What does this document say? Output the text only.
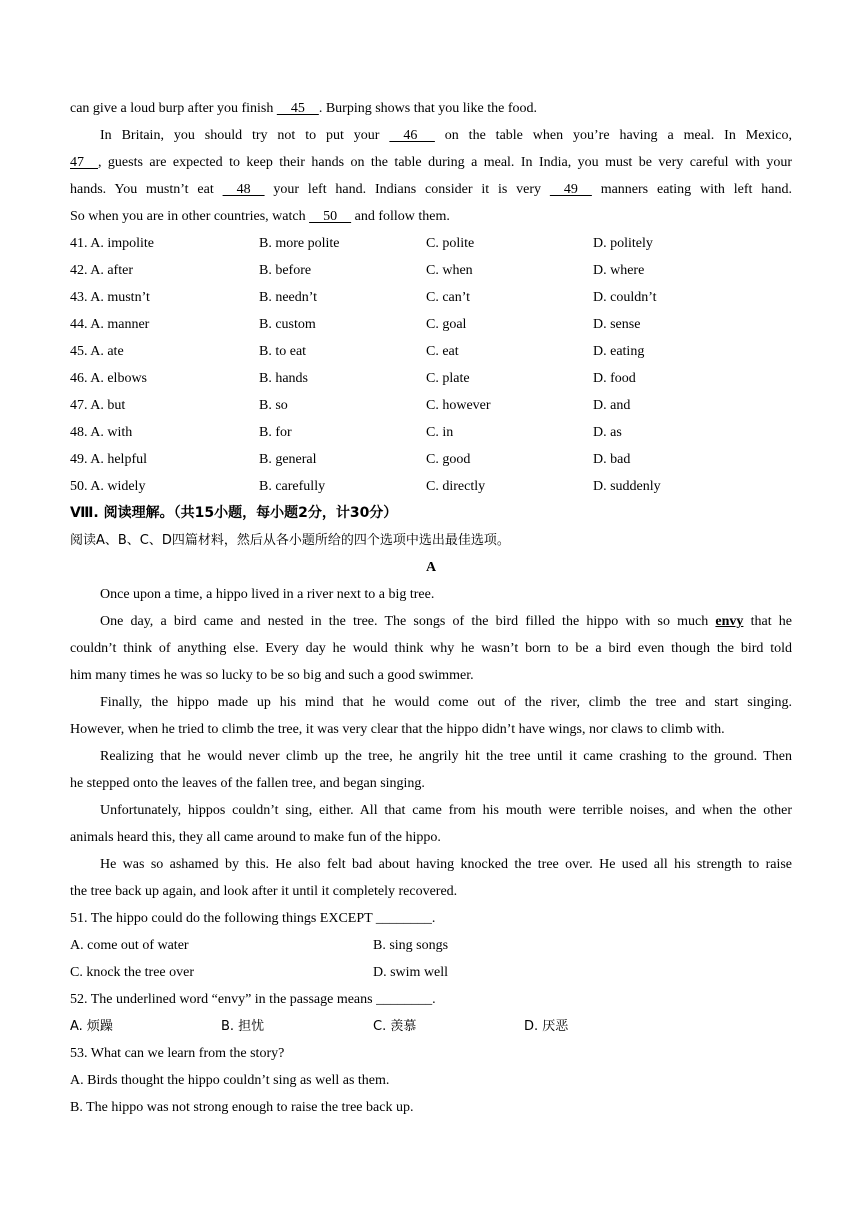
can give a loud burp after you finish     45    . Burping shows that you like the food.
In Britain, you should try not to put your     46      on the table when you’re having a meal. In Mexico,
47    , guests are expected to keep their hands on the table during a meal. In India, you must be very careful with your
hands. You mustn’t eat     48     your left hand. Indians consider it is very     49     manners eating with left hand.
So when you are in other countries, watch     50     and follow them.
41. A. impolite	B. more polite	C. polite	D. politely
42. A. after	B. before	C. when	D. where
43. A. mustn’t	B. needn’t	C. can’t	D. couldn’t
44. A. manner	B. custom	C. goal	D. sense
45. A. ate	B. to eat	C. eat	D. eating
46. A. elbows	B. hands	C. plate	D. food
47. A. but	B. so	C. however	D. and
48. A. with	B. for	C. in	D. as
49. A. helpful	B. general	C. good	D. bad
50. A. widely	B. carefully	C. directly	D. suddenly
Ⅷ. 阅读理解。（共15小题，每小题2分，计30分）
阅读A、B、C、D四篇材料，然后从各小题所给的四个选项中选出最佳选项。
A
Once upon a time, a hippo lived in a river next to a big tree.
One day, a bird came and nested in the tree. The songs of the bird filled the hippo with so much envy that he
couldn’t think of anything else. Every day he would think why he wasn’t born to be a bird even though the bird told
him many times he was so lucky to be so big and such a good swimmer.
Finally, the hippo made up his mind that he would come out of the river, climb the tree and start singing.
However, when he tried to climb the tree, it was very clear that the hippo didn’t have wings, nor claws to climb with.
Realizing that he would never climb up the tree, he angrily hit the tree until it came crashing to the ground. Then
he stepped onto the leaves of the fallen tree, and began singing.
Unfortunately, hippos couldn’t sing, either. All that came from his mouth were terrible noises, and when the other
animals heard this, they all came around to make fun of the hippo.
He was so ashamed by this. He also felt bad about having knocked the tree over. He used all his strength to raise
the tree back up again, and look after it until it completely recovered.
51. The hippo could do the following things EXCEPT ________.
A. come out of water	B. sing songs
C. knock the tree over	D. swim well
52. The underlined word “envy” in the passage means ________.
A. 烦躁	B. 担忧	C. 羡慕	D. 厌恶
53. What can we learn from the story?
A. Birds thought the hippo couldn’t sing as well as them.
B. The hippo was not strong enough to raise the tree back up.
